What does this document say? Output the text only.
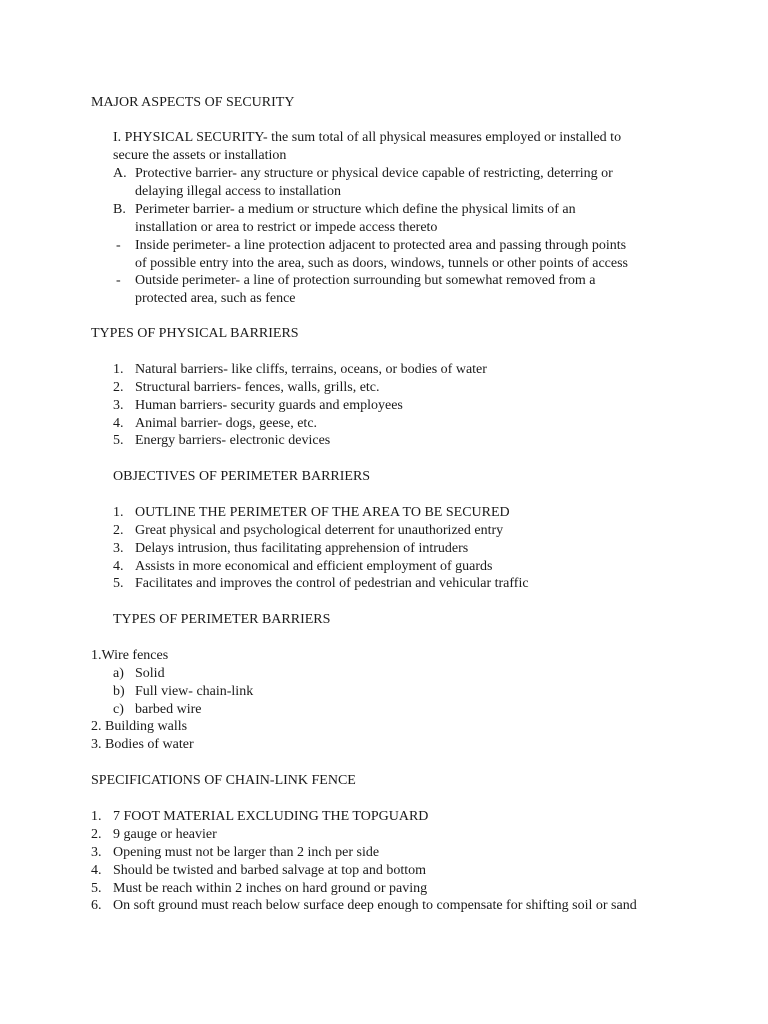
MAJOR ASPECTS OF SECURITY
I. PHYSICAL SECURITY- the sum total of all physical measures employed or installed to
secure the assets or installation
A. Protective barrier- any structure or physical device capable of restricting, deterring or
delaying illegal access to installation
B. Perimeter barrier- a medium or structure which define the physical limits of an
installation or area to restrict or impede access thereto
- Inside perimeter- a line protection adjacent to protected area and passing through points
of possible entry into the area, such as doors, windows, tunnels or other points of access
- Outside perimeter- a line of protection surrounding but somewhat removed from a
protected area, such as fence
TYPES OF PHYSICAL BARRIERS
1. Natural barriers- like cliffs, terrains, oceans, or bodies of water
2. Structural barriers- fences, walls, grills, etc.
3. Human barriers- security guards and employees
4. Animal barrier- dogs, geese, etc.
5. Energy barriers- electronic devices
OBJECTIVES OF PERIMETER BARRIERS
1. OUTLINE THE PERIMETER OF THE AREA TO BE SECURED
2. Great physical and psychological deterrent for unauthorized entry
3. Delays intrusion, thus facilitating apprehension of intruders
4. Assists in more economical and efficient employment of guards
5. Facilitates and improves the control of pedestrian and vehicular traffic
TYPES OF PERIMETER BARRIERS
1.Wire fences
a) Solid
b) Full view- chain-link
c) barbed wire
2. Building walls
3. Bodies of water
SPECIFICATIONS OF CHAIN-LINK FENCE
1. 7 FOOT MATERIAL EXCLUDING THE TOPGUARD
2. 9 gauge or heavier
3. Opening must not be larger than 2 inch per side
4. Should be twisted and barbed salvage at top and bottom
5. Must be reach within 2 inches on hard ground or paving
6. On soft ground must reach below surface deep enough to compensate for shifting soil or sand
